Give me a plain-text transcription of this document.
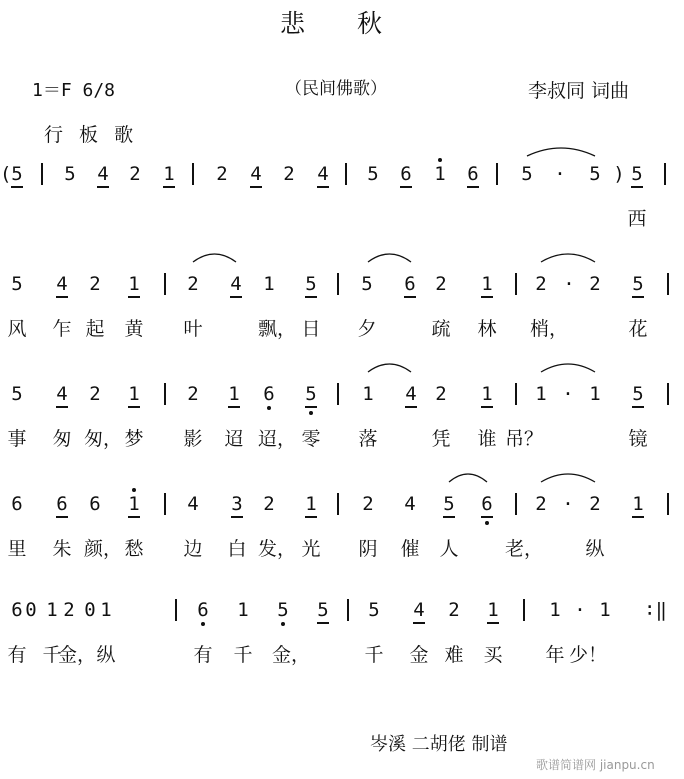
悲 秋
1＝F 6/8	（民间佛歌）	李叔同 词曲
行 板 歌
( 5 5 4 2 1 2 4 2 4 5 6 1 6 5 · 5 ) 5
西
5
风
4
乍
2
起
1
黄
2
叶
4 1
飘，
5
日
5
夕
6 2
疏
1
林
2
梢，
· 2 5
花
5
事
4
匆
2
匆，
1
梦
2
影
1
迢
6
迢，
5
零
1
落
4 2
凭
1
谁 吊？
1 · 1 5
镜
6
里
6
朱
6
颜，
1
愁
4
边
3
白
2
发，
1
光
2
阴
4
催
5
人
6
老，
2 · 2
纵
1
6
有
0 1
千
2
金，
0 1
纵
6
有
1
千
5
金，
5 5
千
4
金
2
难
1
买
1
年
·
少！
1 ∶‖
岑溪 二胡佬 制谱
歌谱简谱网 jianpu.cn
